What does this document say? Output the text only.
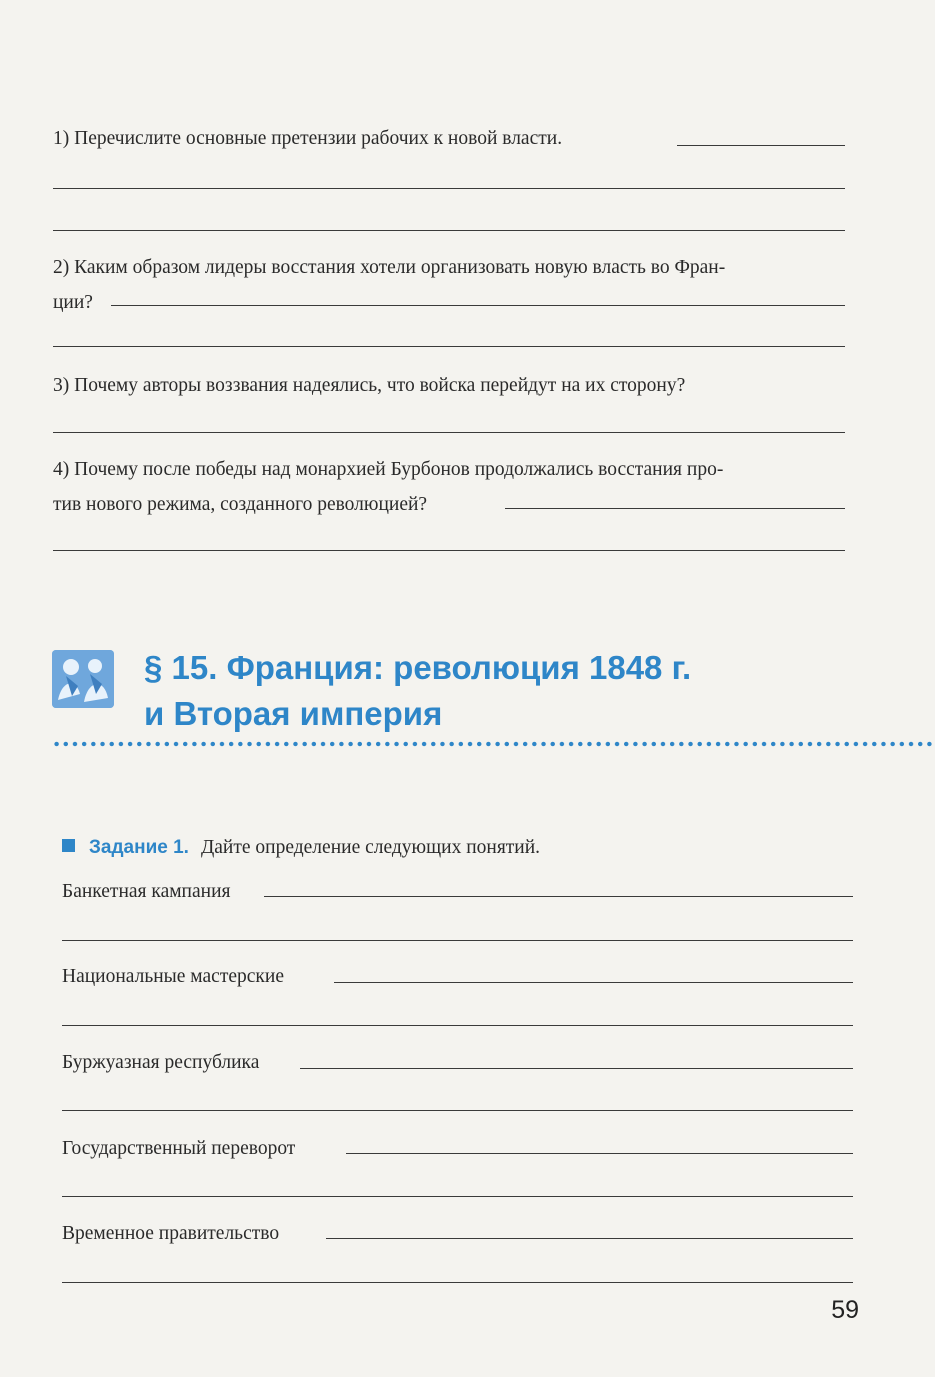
1) Перечислите основные претензии рабочих к новой власти.
2) Каким образом лидеры восстания хотели организовать новую власть во Фран-
ции?
3) Почему авторы воззвания надеялись, что войска перейдут на их сторону?
4) Почему после победы над монархией Бурбонов продолжались восстания про-
тив нового режима, созданного революцией?
§ 15. Франция: революция 1848 г.
и Вторая империя
Задание 1. Дайте определение следующих понятий.
Банкетная кампания
Национальные мастерские
Буржуазная республика
Государственный переворот
Временное правительство
59
